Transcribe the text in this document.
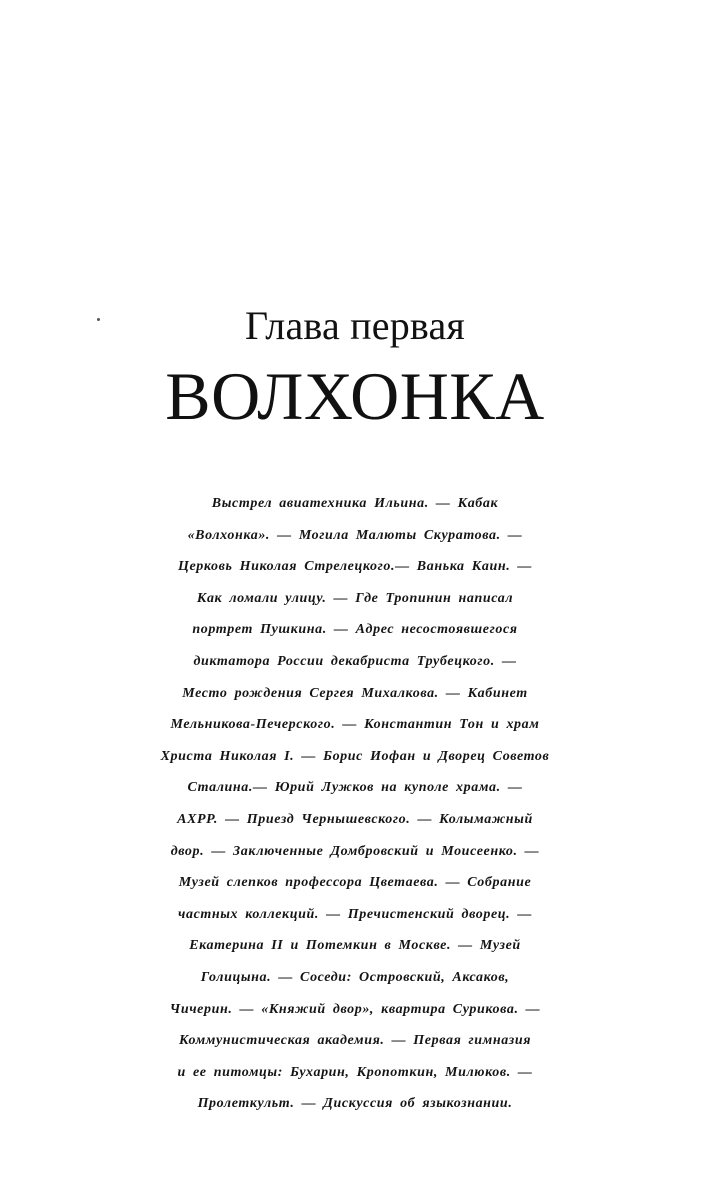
Глава первая
ВОЛХОНКА
Выстрел авиатехника Ильина. — Кабак
«Волхонка». — Могила Малюты Скуратова. —
Церковь Николая Стрелецкого.— Ванька Каин. —
Как ломали улицу. — Где Тропинин написал
портрет Пушкина. — Адрес несостоявшегося
диктатора России декабриста Трубецкого. —
Место рождения Сергея Михалкова. — Кабинет
Мельникова-Печерского. — Константин Тон и храм
Христа Николая I. — Борис Иофан и Дворец Советов
Сталина.— Юрий Лужков на куполе храма. —
АХРР. — Приезд Чернышевского. — Колымажный
двор. — Заключенные Домбровский и Моисеенко. —
Музей слепков профессора Цветаева. — Собрание
частных коллекций. — Пречистенский дворец. —
Екатерина II и Потемкин в Москве. — Музей
Голицына. — Соседи: Островский, Аксаков,
Чичерин. — «Княжий двор», квартира Сурикова. —
Коммунистическая академия. — Первая гимназия
и ее питомцы: Бухарин, Кропоткин, Милюков. —
Пролеткульт. — Дискуссия об языкознании.
